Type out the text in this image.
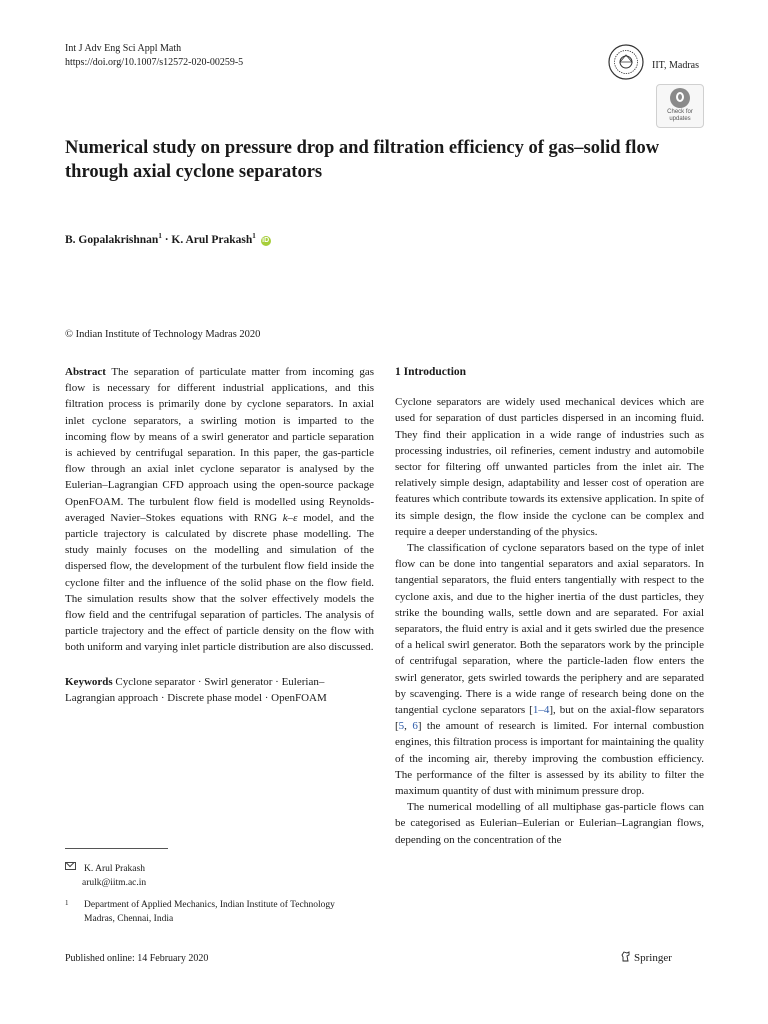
Int J Adv Eng Sci Appl Math
https://doi.org/10.1007/s12572-020-00259-5	IIT, Madras
Check for
updates
Numerical study on pressure drop and filtration efficiency of gas–solid flow through axial cyclone separators
B. Gopalakrishnan$^1$ · K. Arul Prakash$^1$ iD
© Indian Institute of Technology Madras 2020

Abstract The separation of particulate matter from incoming gas flow is necessary for different industrial applications, and this filtration process is primarily done by cyclone separators. In axial inlet cyclone separators, a swirling motion is imparted to the incoming flow by means of a swirl generator and particle separation is achieved by centrifugal separation. In this paper, the gas-particle flow through an axial inlet cyclone separator is analysed by the Eulerian–Lagrangian CFD approach using the open-source package OpenFOAM. The turbulent flow field is modelled using Reynolds-averaged Navier–Stokes equations with RNG k–ε model, and the particle trajectory is calculated by discrete phase modelling. The study mainly focuses on the modelling and simulation of the dispersed flow, the development of the turbulent flow field inside the cyclone filter and the influence of the solid phase on the flow field. The simulation results show that the solver effectively models the flow field and the centrifugal separation of particles. The analysis of particle trajectory and the effect of particle density on the flow with both uniform and varying inlet particle distribution are also discussed.

Keywords Cyclone separator · Swirl generator · Eulerian–Lagrangian approach · Discrete phase model · OpenFOAM

1 Introduction

Cyclone separators are widely used mechanical devices which are used for separation of dust particles dispersed in an incoming fluid. They find their application in a wide range of industries such as processing industries, oil refineries, cement industry and automobile sector for filtering off unwanted particles from the inlet air. The relatively simple design, adaptability and lesser cost of operation are features which contribute towards its extensive application. In spite of its simple design, the flow inside the cyclone can be complex and require a deeper understanding of the physics.

The classification of cyclone separators based on the type of inlet flow can be done into tangential separators and axial separators. In tangential separators, the fluid enters tangentially with respect to the cyclone axis, and due to the higher inertia of the dust particles, they strike the bounding walls, settle down and are separated. For axial separators, the fluid entry is axial and it gets swirled due the presence of a helical swirl generator. Both the separators work by the principle of centrifugal separation, where the particle-laden flow enters the swirl generator, gets swirled towards the periphery and are separated by scavenging. There is a wide range of research being done on the tangential cyclone separators [1–4], but on the axial-flow separators [5, 6] the amount of research is limited. For internal combustion engines, this filtration process is important for maintaining the quality of the incoming air, thereby improving the combustion efficiency. The performance of the filter is assessed by its ability to filter the maximum quantity of dust with minimum pressure drop.

The numerical modelling of all multiphase gas-particle flows can be categorised as Eulerian–Eulerian or Eulerian–Lagrangian flows, depending on the concentration of the

K. Arul Prakash
arulk@iitm.ac.in
1 Department of Applied Mechanics, Indian Institute of Technology Madras, Chennai, India
Published online: 14 February 2020	Springer
